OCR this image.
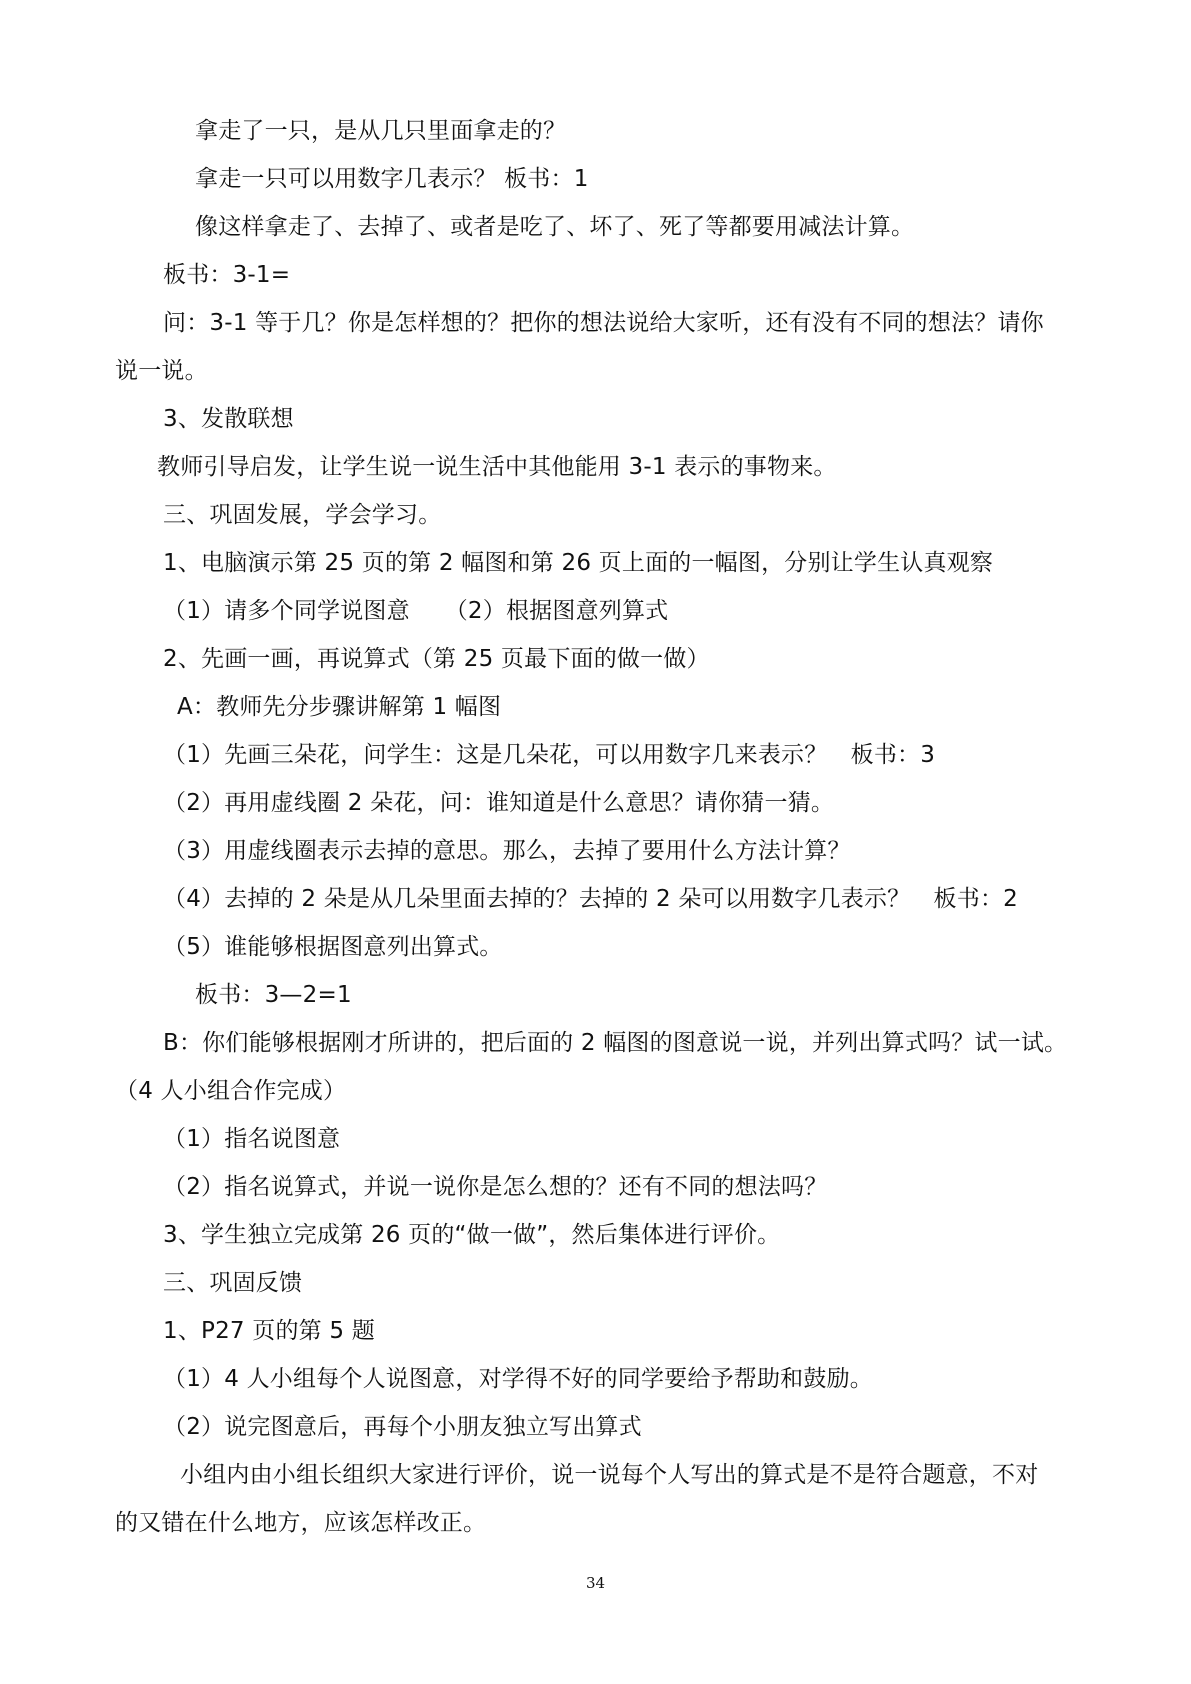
拿走了一只，是从几只里面拿走的？
拿走一只可以用数字几表示？ 板书：1
像这样拿走了、去掉了、或者是吃了、坏了、死了等都要用减法计算。
板书：3-1=
问：3-1 等于几？你是怎样想的？把你的想法说给大家听，还有没有不同的想法？请你
说一说。
3、发散联想
教师引导启发，让学生说一说生活中其他能用 3-1 表示的事物来。
三、巩固发展，学会学习。
1、电脑演示第 25 页的第 2 幅图和第 26 页上面的一幅图，分别让学生认真观察
（1）请多个同学说图意　　（2）根据图意列算式
2、先画一画，再说算式（第 25 页最下面的做一做）
A：教师先分步骤讲解第 1 幅图
（1）先画三朵花，问学生：这是几朵花，可以用数字几来表示？　板书：3
（2）再用虚线圈 2 朵花，问：谁知道是什么意思？请你猜一猜。
（3）用虚线圈表示去掉的意思。那么，去掉了要用什么方法计算？
（4）去掉的 2 朵是从几朵里面去掉的？去掉的 2 朵可以用数字几表示？　板书：2
（5）谁能够根据图意列出算式。
板书：3—2=1
B：你们能够根据刚才所讲的，把后面的 2 幅图的图意说一说，并列出算式吗？试一试。
（4 人小组合作完成）
（1）指名说图意
（2）指名说算式，并说一说你是怎么想的？还有不同的想法吗？
3、学生独立完成第 26 页的“做一做”，然后集体进行评价。
三、巩固反馈
1、P27 页的第 5 题
（1）4 人小组每个人说图意，对学得不好的同学要给予帮助和鼓励。
（2）说完图意后，再每个小朋友独立写出算式
小组内由小组长组织大家进行评价，说一说每个人写出的算式是不是符合题意，不对
的又错在什么地方，应该怎样改正。
34
